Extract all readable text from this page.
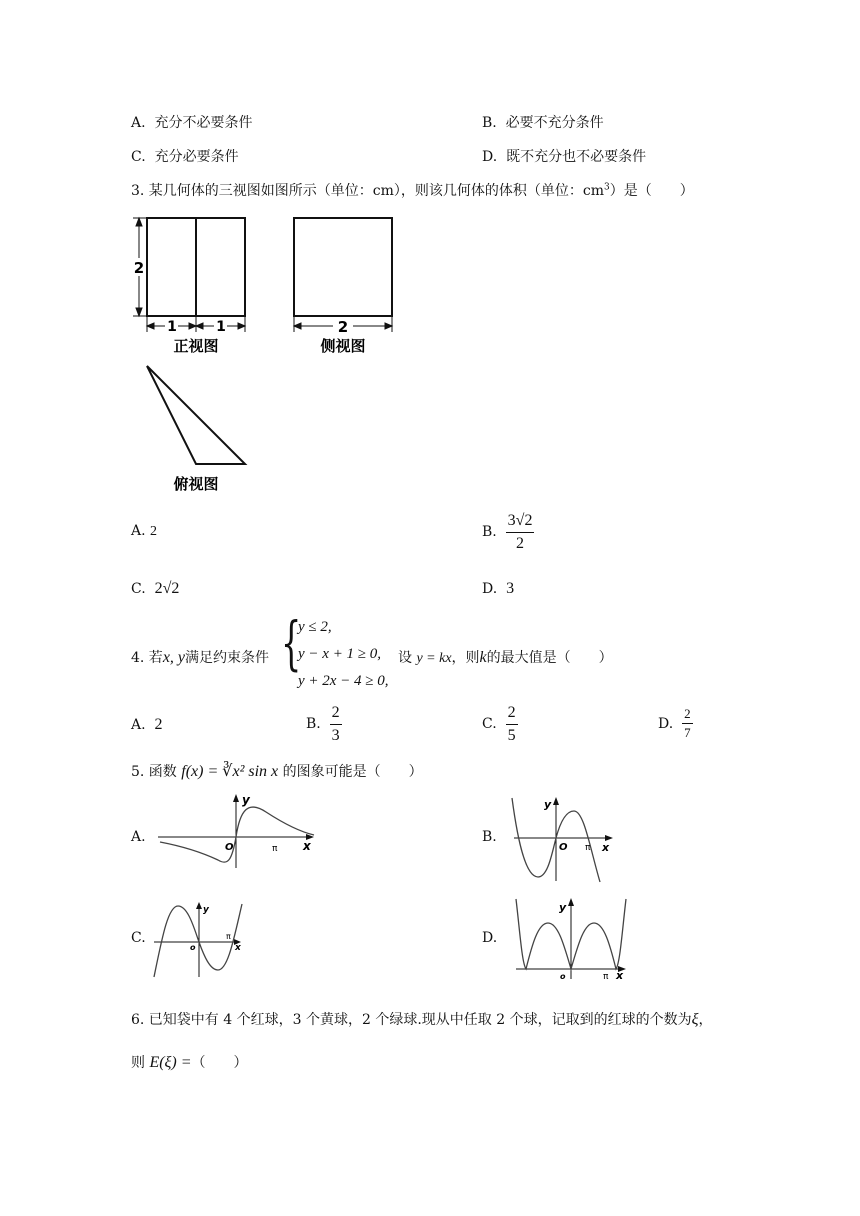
A. 充分不必要条件	B. 必要不充分条件
C. 充分必要条件	D. 既不充分也不必要条件
3. 某几何体的三视图如图所示（单位：cm），则该几何体的体积（单位：$cm^3$）是（　　）
2
1	1
正视图
2
侧视图
俯视图
A. 2	B. $\frac{3√2}{2}$
C. 2√2	D. 3
4. 若x, y满足约束条件 {
y ≤ 2,
y − x + 1 ≥ 0,
y + 2x − 4 ≥ 0,
设 y = kx，则k的最大值是（　　）
A. 2	B. $\frac{2}{3}$	C. $\frac{2}{5}$	D. $\frac{2}{7}$
5. 函数 f(x) = ∛x² sin x 的图象可能是（　　）
A.
y
x
O	π
B.
y
x
O π
C.
y
x
o
π	D.
y
x
o	π
6. 已知袋中有 4 个红球，3 个黄球，2 个绿球.现从中任取 2 个球，记取到的红球的个数为ξ，
则 E(ξ) =（　　）
